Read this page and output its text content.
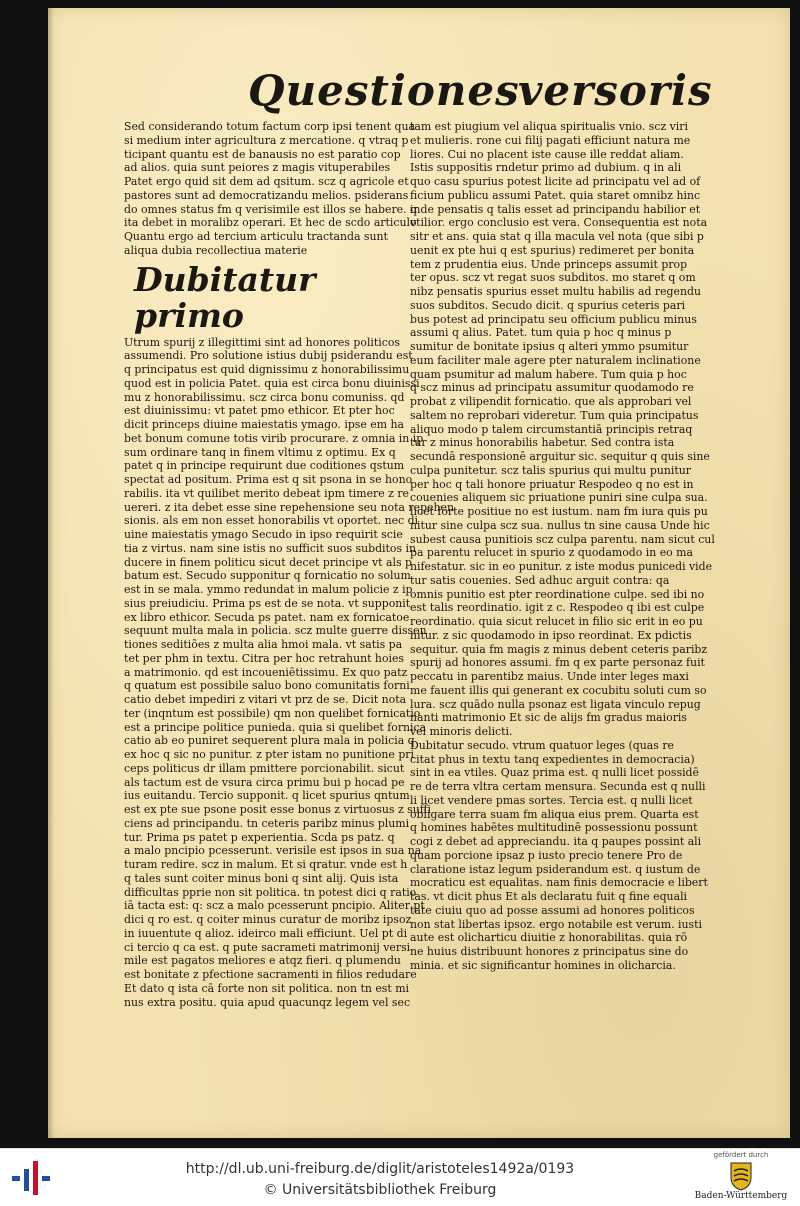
Questiones
versoris
Sed considerando totum factum corp ipsi tenent qua
si medium inter agricultura z mercatione. q vtraq p
ticipant quantu est de banausis no est paratio cop
ad alios. quia sunt peiores z magis vituperabiles
Patet ergo quid sit dem ad qsitum. scz q agricole et
pastores sunt ad democratizandu melios. psiderans
do omnes status fm q verisimile est illos se habere. q
ita debet in moralibz operari. Et hec de scdo articulo
Quantu ergo ad tercium articulu tractanda sunt
aliqua dubia recollectiua materie
Dubitatur primo
Utrum spurij z illegittimi sint ad honores politicos
assumendi. Pro solutione istius dubij psiderandu est
q principatus est quid dignissimu z honorabilissimu
quod est in policia Patet. quia est circa bonu diuinissi
mu z honorabilissimu. scz circa bonu comuniss. qd
est diuinissimu: vt patet pmo ethicor. Et pter hoc
dicit princeps diuine maiestatis ymago. ipse em ha
bet bonum comune totis virib procurare. z omnia in ip
sum ordinare tanq in finem vltimu z optimu. Ex q
patet q in principe requirunt due coditiones qstum
spectat ad positum. Prima est q sit psona in se hono
rabilis. ita vt quilibet merito debeat ipm timere z re
uereri. z ita debet esse sine repehensione seu nota repehen
sionis. als em non esset honorabilis vt oportet. nec di
uine maiestatis ymago Secudo in ipso requirit scie
tia z virtus. nam sine istis no sufficit suos subditos in
ducere in finem politicu sicut decet principe vt als p
batum est. Secudo supponitur q fornicatio no solum
est in se mala. ymmo redundat in malum policie z ip
sius preiudiciu. Prima ps est de se nota. vt supponit
ex libro ethicor. Secuda ps patet. nam ex fornicatoe
sequunt multa mala in policia. scz multe guerre dissen
tiones seditiões z multa alia hmoi mala. vt satis pa
tet per phm in textu. Citra per hoc retrahunt hoies
a matrimonio. qd est incoueniētissimu. Ex quo patz
q quatum est possibile saluo bono comunitatis forni
catio debet impediri z vitari vt prz de se. Dicit nota
ter (inqntum est possibile) qm non quelibet fornicatio
est a principe politice punieda. quia si quelibet fornica
catio ab eo puniret sequerent plura mala in policia q
ex hoc q sic no punitur. z pter istam no punitione pri
ceps politicus dr illam pmittere porcionabilit. sicut
als tactum est de vsura circa primu bui p hocad pe
ius euitandu. Tercio supponit. q licet spurius qntum
est ex pte sue psone posit esse bonus z virtuosus z suffi
ciens ad principandu. tn ceteris paribz minus plumi
tur. Prima ps patet p experientia. Scda ps patz. q
a malo pncipio pcesserunt. verisile est ipsos in sua na
turam redire. scz in malum. Et si qratur. vnde est h
q tales sunt coiter minus boni q sint alij. Quis ista
difficultas pprie non sit politica. tn potest dici q ratio
iā tacta est: q: scz a malo pcesserunt pncipio. Aliter pt
dici q ro est. q coiter minus curatur de moribz ipsoz
in iuuentute q alioz. ideirco mali efficiunt. Uel pt di
ci tercio q ca est. q pute sacrameti matrimonij versi
mile est pagatos meliores e atqz fieri. q plumendu
est bonitate z pfectione sacramenti in filios redudare
Et dato q ista cā forte non sit politica. non tn est mi
nus extra positu. quia apud quacunqz legem vel sec
tam est piugium vel aliqua spiritualis vnio. scz viri
et mulieris. rone cui filij pagati efficiunt natura me
liores. Cui no placent iste cause ille reddat aliam.
Istis suppositis rndetur primo ad dubium. q in ali
quo casu spurius potest licite ad principatu vel ad of
ficium publicu assumi Patet. quia staret omnibz hinc
inde pensatis q talis esset ad principandu habilior et
vtilior. ergo conclusio est vera. Consequentia est nota
sitr et ans. quia stat q illa macula vel nota (que sibi p
uenit ex pte hui q est spurius) redimeret per bonita
tem z prudentia eius. Unde princeps assumit prop
ter opus. scz vt regat suos subditos. mo staret q om
nibz pensatis spurius esset multu habilis ad regendu
suos subditos. Secudo dicit. q spurius ceteris pari
bus potest ad principatu seu officium publicu minus
assumi q alius. Patet. tum quia p hoc q minus p
sumitur de bonitate ipsius q alteri ymmo psumitur
eum faciliter male agere pter naturalem inclinatione
quam psumitur ad malum habere. Tum quia p hoc
q scz minus ad principatu assumitur quodamodo re
probat z vilipendit fornicatio. que als approbari vel
saltem no reprobari videretur. Tum quia principatus
aliquo modo p talem circumstantiā principis retraq
tur z minus honorabilis habetur. Sed contra ista
secundā responsionē arguitur sic. sequitur q quis sine
culpa punitetur. scz talis spurius qui multu punitur
per hoc q tali honore priuatur Respodeo q no est in
couenies aliquem sic priuatione puniri sine culpa sua.
licet forte positiue no est iustum. nam fm iura quis pu
nitur sine culpa scz sua. nullus tn sine causa Unde hic
subest causa punitiois scz culpa parentu. nam sicut cul
pa parentu relucet in spurio z quodamodo in eo ma
nifestatur. sic in eo punitur. z iste modus punicedi vide
tur satis couenies. Sed adhuc arguit contra: qa
omnis punitio est pter reordinatione culpe. sed ibi no
est talis reordinatio. igit z c. Respodeo q ibi est culpe
reordinatio. quia sicut relucet in filio sic erit in eo pu
nitur. z sic quodamodo in ipso reordinat. Ex pdictis
sequitur. quia fm magis z minus debent ceteris paribz
spurij ad honores assumi. fm q ex parte personaz fuit
peccatu in parentibz maius. Unde inter leges maxi
me fauent illis qui generant ex cocubitu soluti cum so
lura. scz quādo nulla psonaz est ligata vinculo repug
nanti matrimonio Et sic de alijs fm gradus maioris
vel minoris delicti.
Dubitatur secudo. vtrum quatuor leges (quas re
citat phus in textu tanq expedientes in democracia)
sint in ea vtiles. Quaz prima est. q nulli licet possidē
re de terra vltra certam mensura. Secunda est q nulli
li licet vendere pmas sortes. Tercia est. q nulli licet
obligare terra suam fm aliqua eius prem. Quarta est
q homines habētes multitudinē possessionu possunt
cogi z debet ad appreciandu. ita q paupes possint ali
quam porcione ipsaz p iusto precio tenere Pro de
claratione istaz legum psiderandum est. q iustum de
mocraticu est equalitas. nam finis democracie e libert
tas. vt dicit phus Et als declaratu fuit q fine equali
tate ciuiu quo ad posse assumi ad honores politicos
non stat libertas ipsoz. ergo notabile est verum. iusti
aute est olicharticu diuitie z honorabilitas. quia rō
ne huius distribuunt honores z principatus sine do
minia. et sic significantur homines in olicharcia.
http://dl.ub.uni-freiburg.de/diglit/aristoteles1492a/0193
© Universitätsbibliothek Freiburg
gefördert durch
Baden-Württemberg
